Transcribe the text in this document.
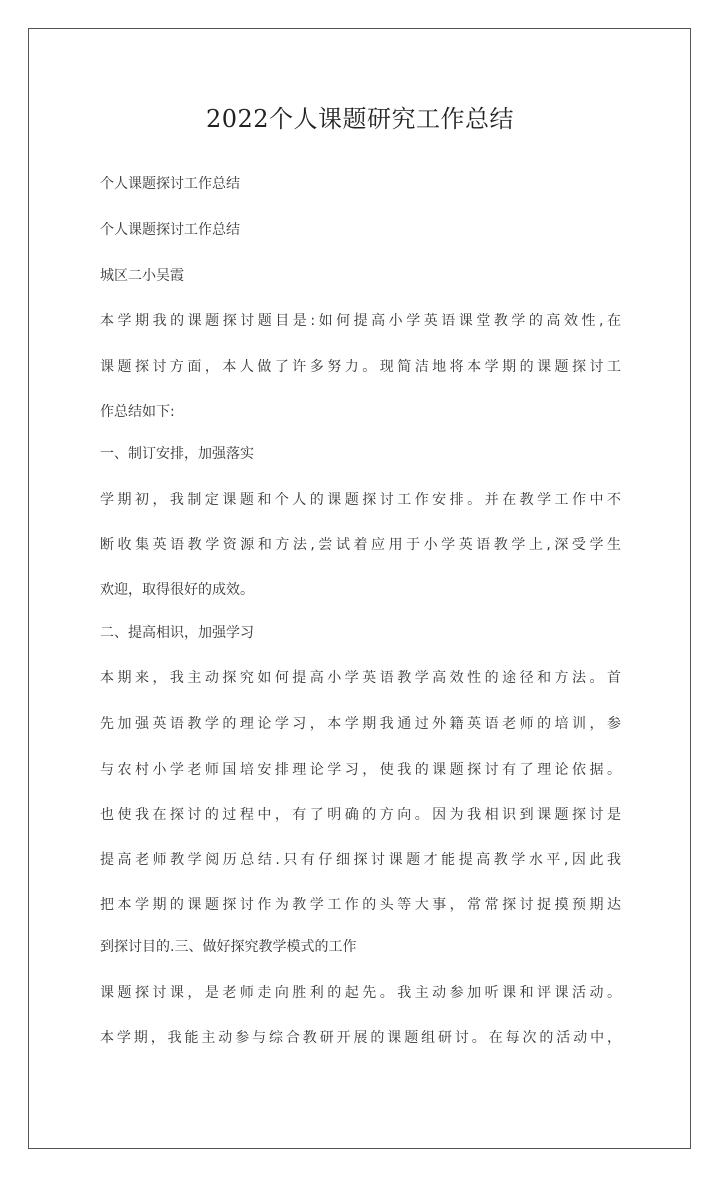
2022个人课题研究工作总结
个人课题探讨工作总结
个人课题探讨工作总结
城区二小吴霞
本学期我的课题探讨题目是:如何提高小学英语课堂教学的高效性,在
课题探讨方面，本人做了许多努力。现简洁地将本学期的课题探讨工
作总结如下:
一、制订安排，加强落实
学期初，我制定课题和个人的课题探讨工作安排。并在教学工作中不
断收集英语教学资源和方法,尝试着应用于小学英语教学上,深受学生
欢迎，取得很好的成效。
二、提高相识，加强学习
本期来，我主动探究如何提高小学英语教学高效性的途径和方法。首
先加强英语教学的理论学习，本学期我通过外籍英语老师的培训，参
与农村小学老师国培安排理论学习，使我的课题探讨有了理论依据。
也使我在探讨的过程中，有了明确的方向。因为我相识到课题探讨是
提高老师教学阅历总结.只有仔细探讨课题才能提高教学水平,因此我
把本学期的课题探讨作为教学工作的头等大事，常常探讨捉摸预期达
到探讨目的.三、做好探究教学模式的工作
课题探讨课，是老师走向胜利的起先。我主动参加听课和评课活动。
本学期，我能主动参与综合教研开展的课题组研讨。在每次的活动中，
